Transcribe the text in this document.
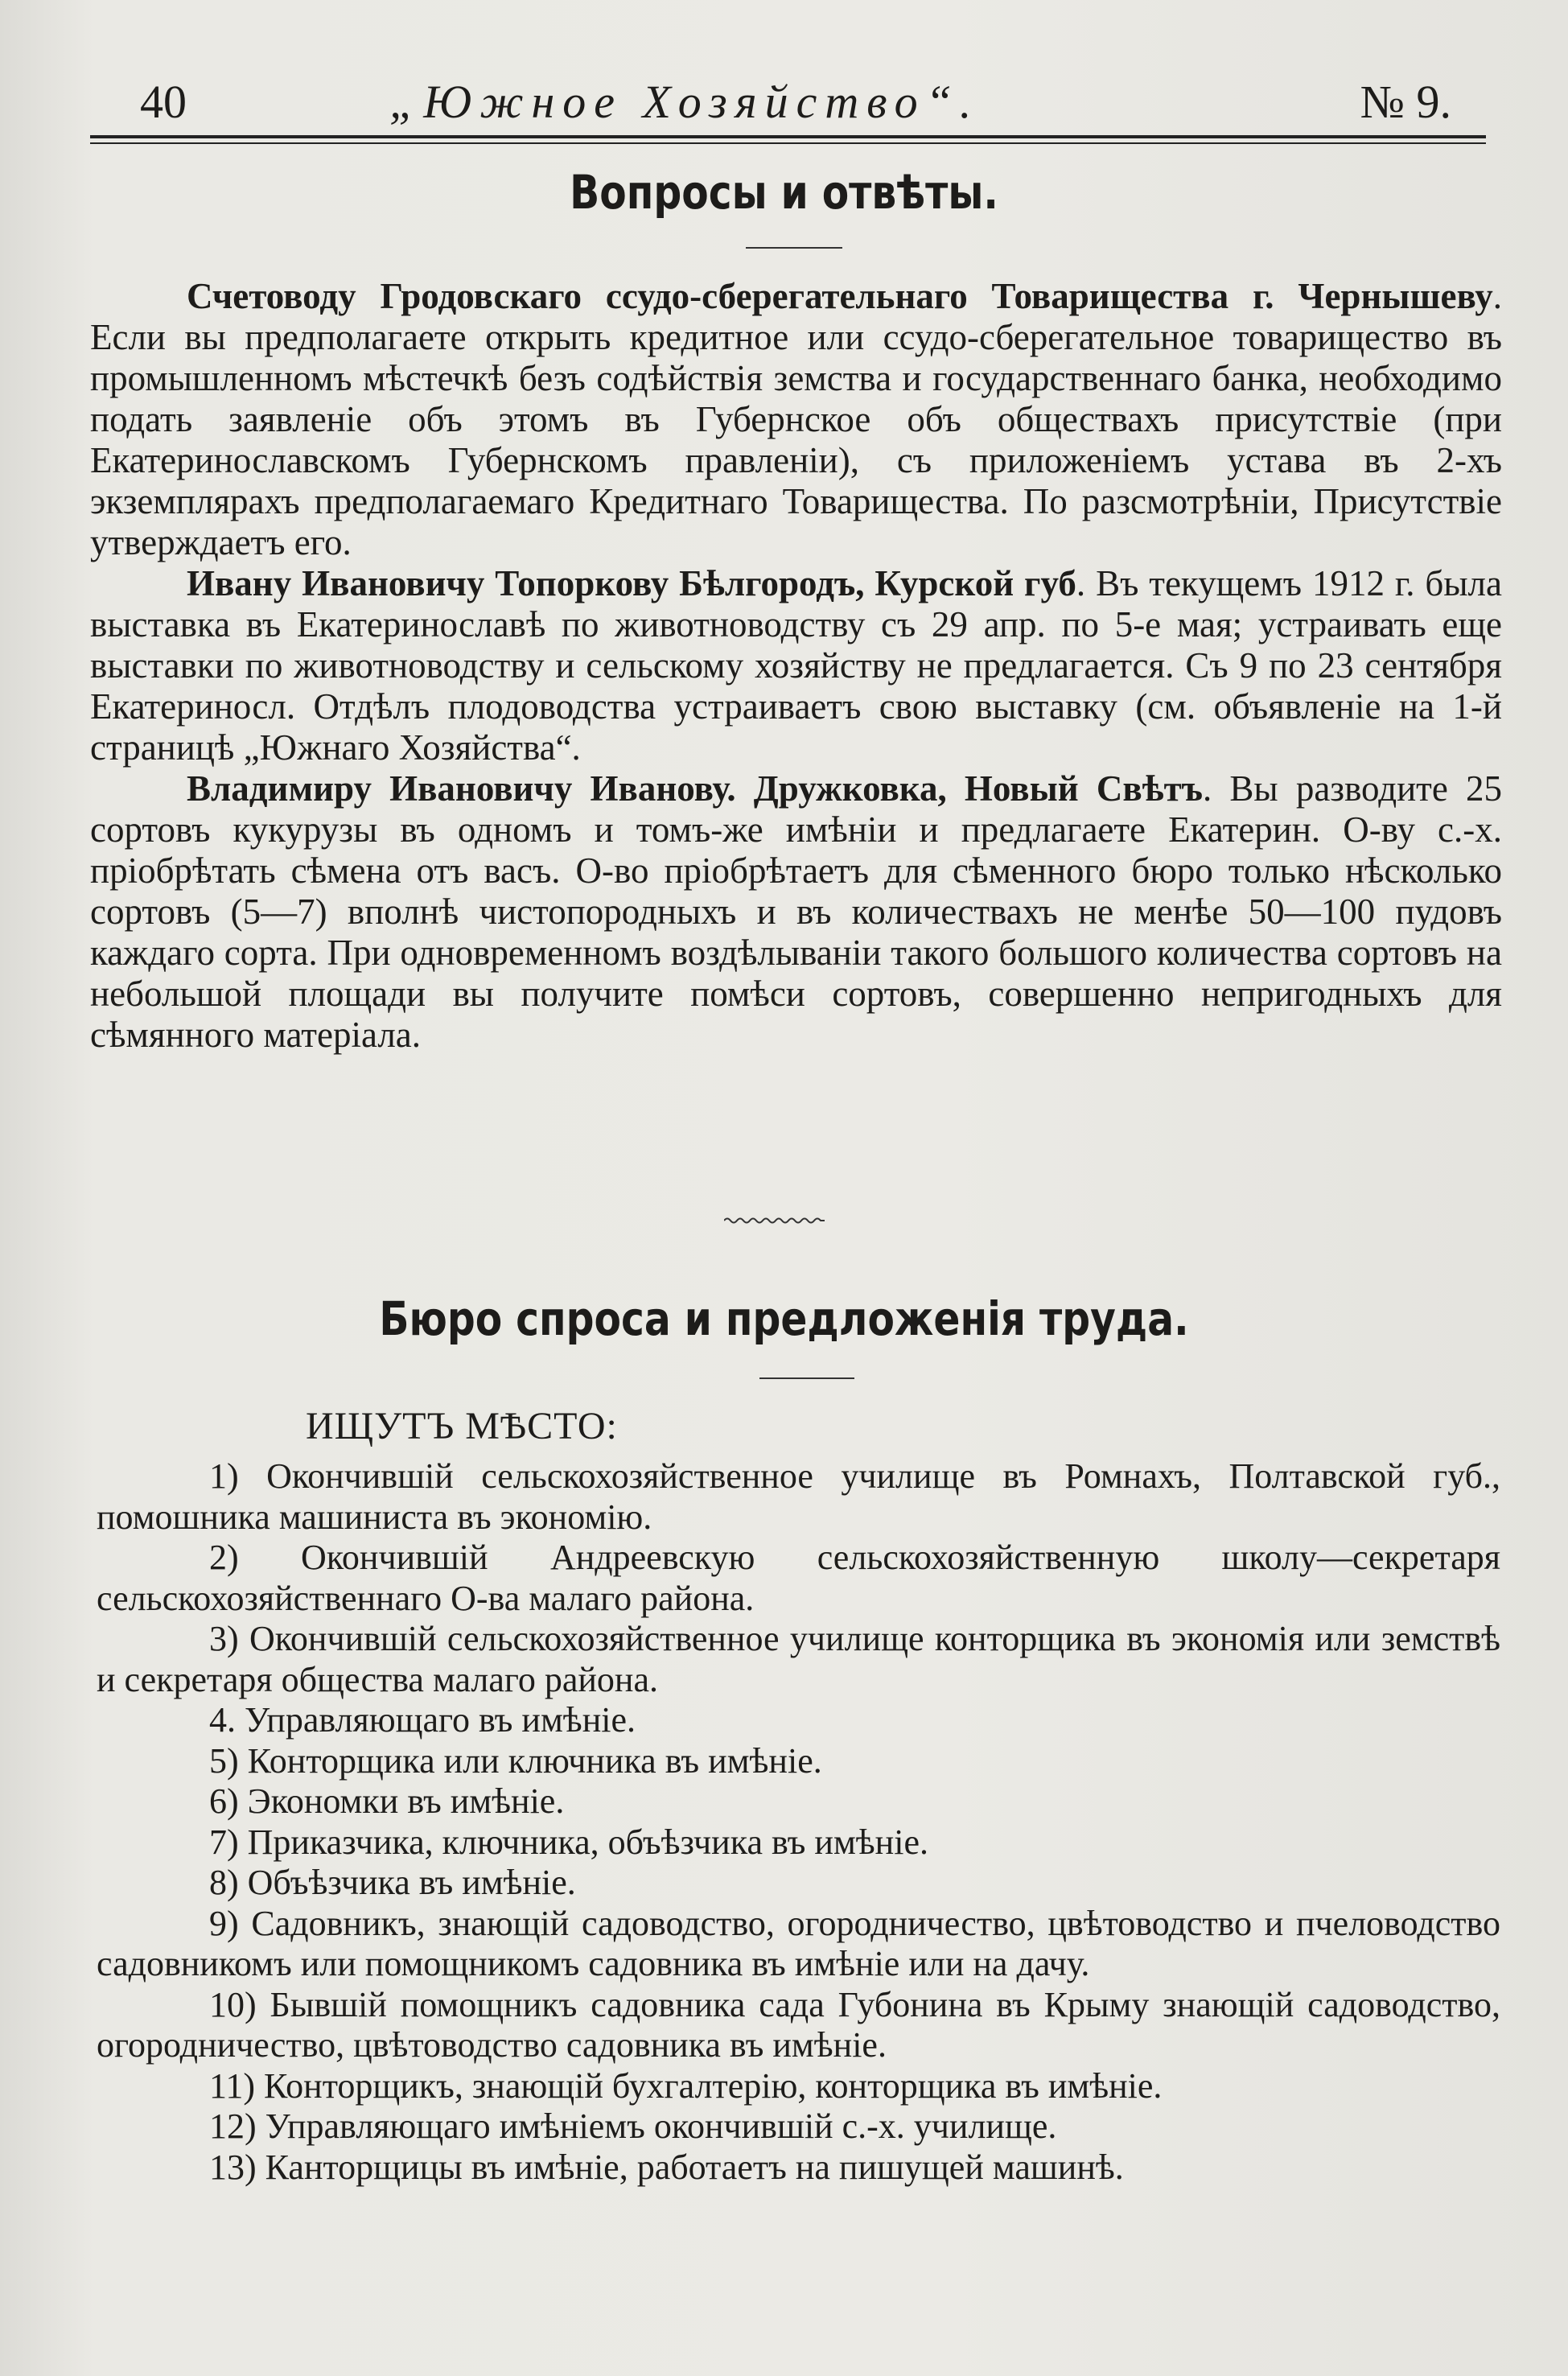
40	„Южное Хозяйство“.	№ 9.
Вопросы и отвѣты.

Счетоводу Гродовскаго ссудо-сберегательнаго Товарищества г. Чернышеву. Если вы предполагаете открыть кредитное или ссудо-сберегательное товарищество въ промышленномъ мѣстечкѣ безъ содѣйствія земства и государственнаго банка, необходимо подать заявленіе объ этомъ въ Губернское объ обществахъ присутствіе (при Екатеринославскомъ Губернскомъ правленіи), съ приложеніемъ устава въ 2-хъ экземплярахъ предполагаемаго Кредитнаго Товарищества. По разсмотрѣніи, Присутствіе утверждаетъ его.

Ивану Ивановичу Топоркову Бѣлгородъ, Курской губ. Въ текущемъ 1912 г. была выставка въ Екатеринославѣ по животноводству съ 29 апр. по 5-е мая; устраивать еще выставки по животноводству и сельскому хозяйству не предлагается. Съ 9 по 23 сентября Екатериносл. Отдѣлъ плодоводства устраиваетъ свою выставку (см. объявленіе на 1-й страницѣ „Южнаго Хозяйства“.

Владимиру Ивановичу Иванову. Дружковка, Новый Свѣтъ. Вы разводите 25 сортовъ кукурузы въ одномъ и томъ-же имѣніи и предлагаете Екатерин. О-ву с.-х. пріобрѣтать сѣмена отъ васъ. О-во пріобрѣтаетъ для сѣменного бюро только нѣсколько сортовъ (5—7) вполнѣ чистопородныхъ и въ количествахъ не менѣе 50—100 пудовъ каждаго сорта. При одновременномъ воздѣлываніи такого большого количества сортовъ на небольшой площади вы получите помѣси сортовъ, совершенно непригодныхъ для сѣмянного матеріала.

Бюро спроса и предложенія труда.
ИЩУТЪ МѢСТО:

1) Окончившій сельскохозяйственное училище въ Ромнахъ, Полтавской губ., помошника машиниста въ экономію.

2) Окончившій Андреевскую сельскохозяйственную школу—секретаря сельскохозяйственнаго О-ва малаго района.

3) Окончившій сельскохозяйственное училище конторщика въ экономія или земствѣ и секретаря общества малаго района.

4. Управляющаго въ имѣніе.

5) Конторщика или ключника въ имѣніе.

6) Экономки въ имѣніе.

7) Приказчика, ключника, объѣзчика въ имѣніе.

8) Объѣзчика въ имѣніе.

9) Садовникъ, знающій садоводство, огородничество, цвѣтоводство и пчеловодство садовникомъ или помощникомъ садовника въ имѣніе или на дачу.

10) Бывшій помощникъ садовника сада Губонина въ Крыму знающій садоводство, огородничество, цвѣтоводство садовника въ имѣніе.

11) Конторщикъ, знающій бухгалтерію, конторщика въ имѣніе.

12) Управляющаго имѣніемъ окончившій с.-х. училище.

13) Канторщицы въ имѣніе, работаетъ на пишущей машинѣ.
